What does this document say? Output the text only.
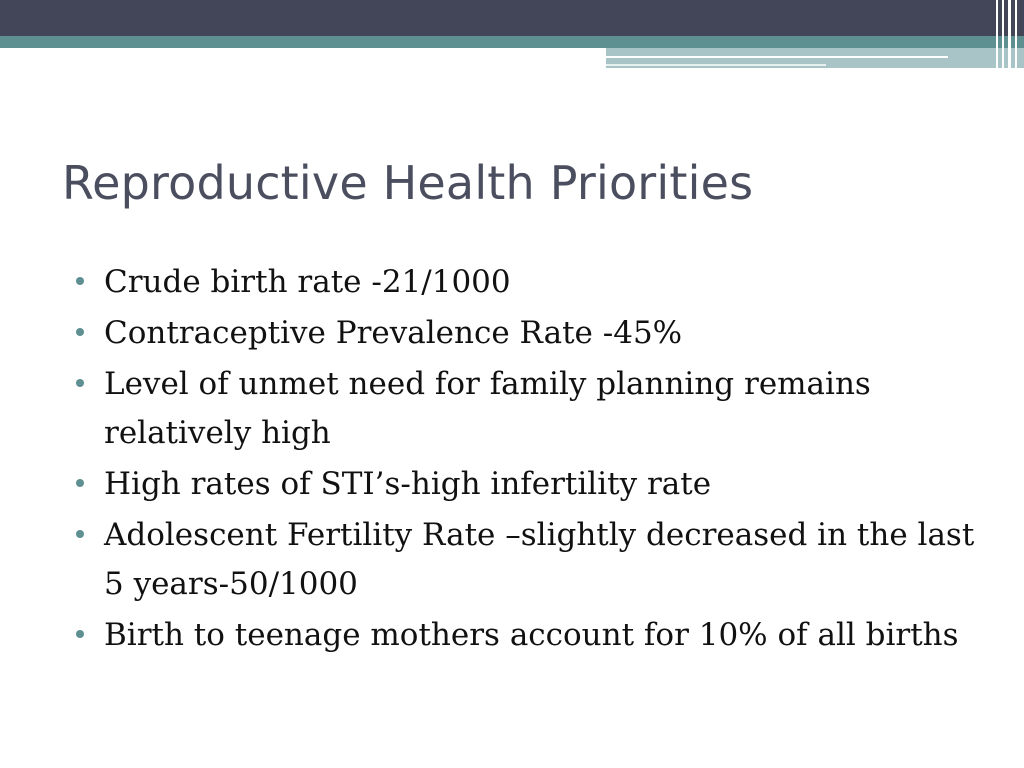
Reproductive Health Priorities
Crude birth rate -21/1000
Contraceptive Prevalence Rate -45%
Level of unmet need for family planning remains relatively high
High rates of STI’s-high infertility rate
Adolescent Fertility Rate –slightly decreased in the last 5 years-50/1000
Birth to teenage mothers account for 10% of all births
